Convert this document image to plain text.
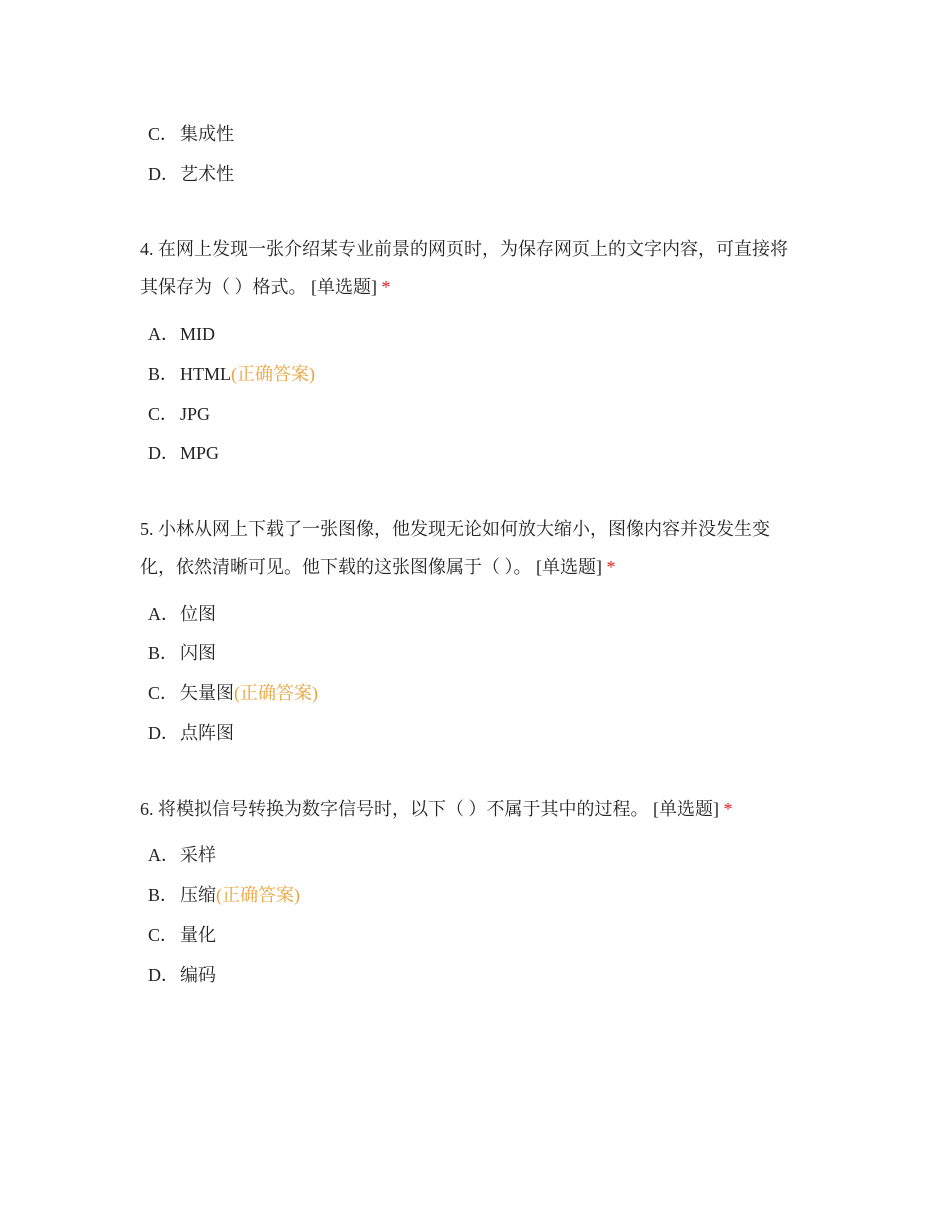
C． 集成性
D．艺术性
4. 在网上发现一张介绍某专业前景的网页时，为保存网页上的文字内容，可直接将
其保存为（ ）格式。 [单选题] *
A．MID
B． HTML(正确答案)
C． JPG
D．MPG
5. 小林从网上下载了一张图像，他发现无论如何放大缩小，图像内容并没发生变
化，依然清晰可见。他下载的这张图像属于（ ）。 [单选题] *
A．位图
B． 闪图
C． 矢量图(正确答案)
D．点阵图
6. 将模拟信号转换为数字信号时，以下（ ）不属于其中的过程。 [单选题] *
A．采样
B． 压缩(正确答案)
C． 量化
D．编码
